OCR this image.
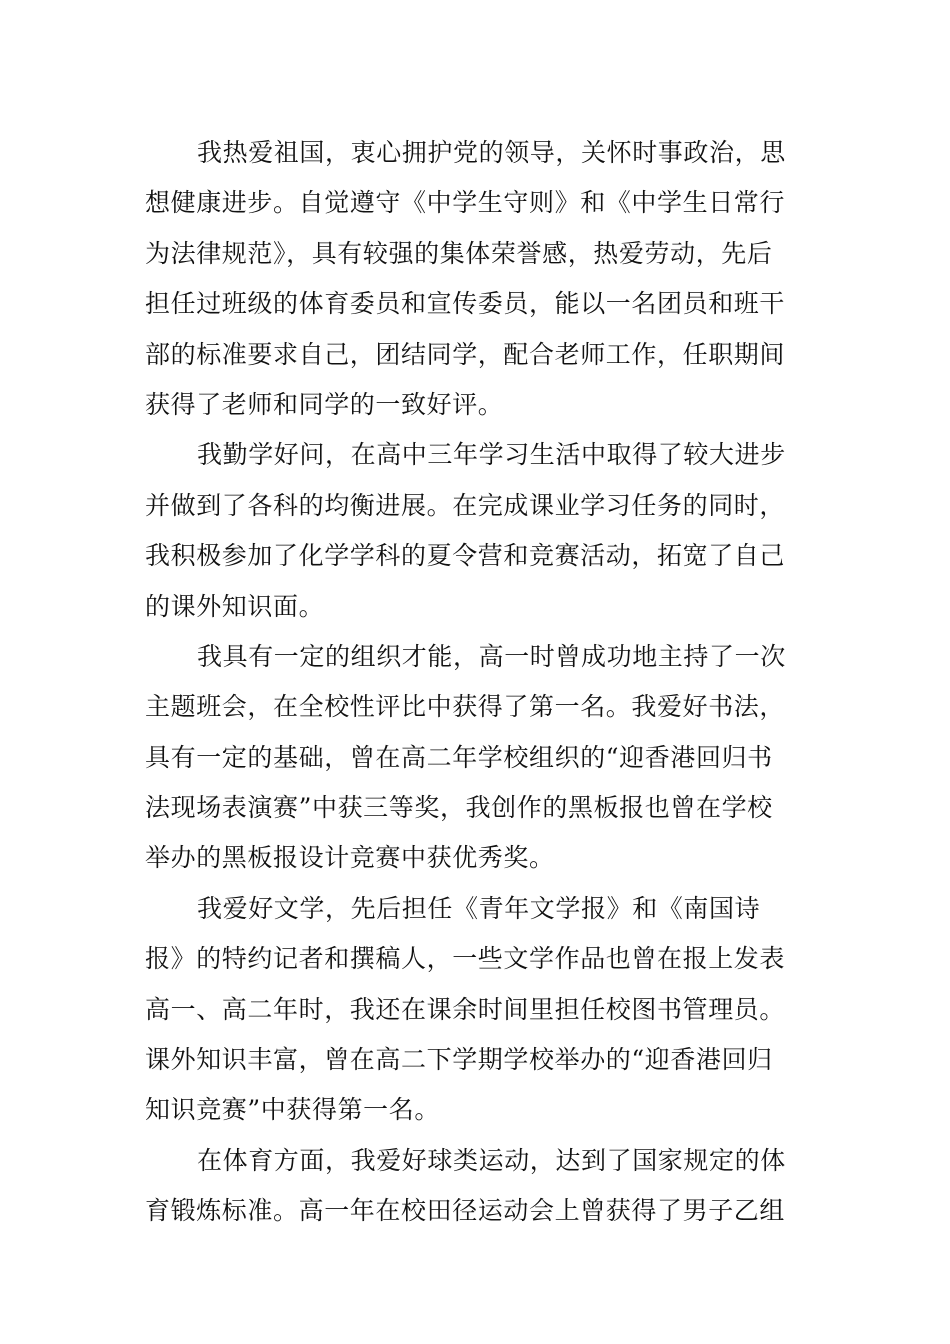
我热爱祖国，衷心拥护党的领导，关怀时事政治，思
想健康进步。自觉遵守《中学生守则》和《中学生日常行
为法律规范》，具有较强的集体荣誉感，热爱劳动，先后
担任过班级的体育委员和宣传委员，能以一名团员和班干
部的标准要求自己，团结同学，配合老师工作，任职期间
获得了老师和同学的一致好评。
我勤学好问，在高中三年学习生活中取得了较大进步
并做到了各科的均衡进展。在完成课业学习任务的同时，
我积极参加了化学学科的夏令营和竞赛活动，拓宽了自己
的课外知识面。
我具有一定的组织才能，高一时曾成功地主持了一次
主题班会，在全校性评比中获得了第一名。我爱好书法，
具有一定的基础，曾在高二年学校组织的“迎香港回归书
法现场表演赛”中获三等奖，我创作的黑板报也曾在学校
举办的黑板报设计竞赛中获优秀奖。
我爱好文学，先后担任《青年文学报》和《南国诗
报》的特约记者和撰稿人，一些文学作品也曾在报上发表
高一、高二年时，我还在课余时间里担任校图书管理员。
课外知识丰富，曾在高二下学期学校举办的“迎香港回归
知识竞赛”中获得第一名。
在体育方面，我爱好球类运动，达到了国家规定的体
育锻炼标准。高一年在校田径运动会上曾获得了男子乙组
